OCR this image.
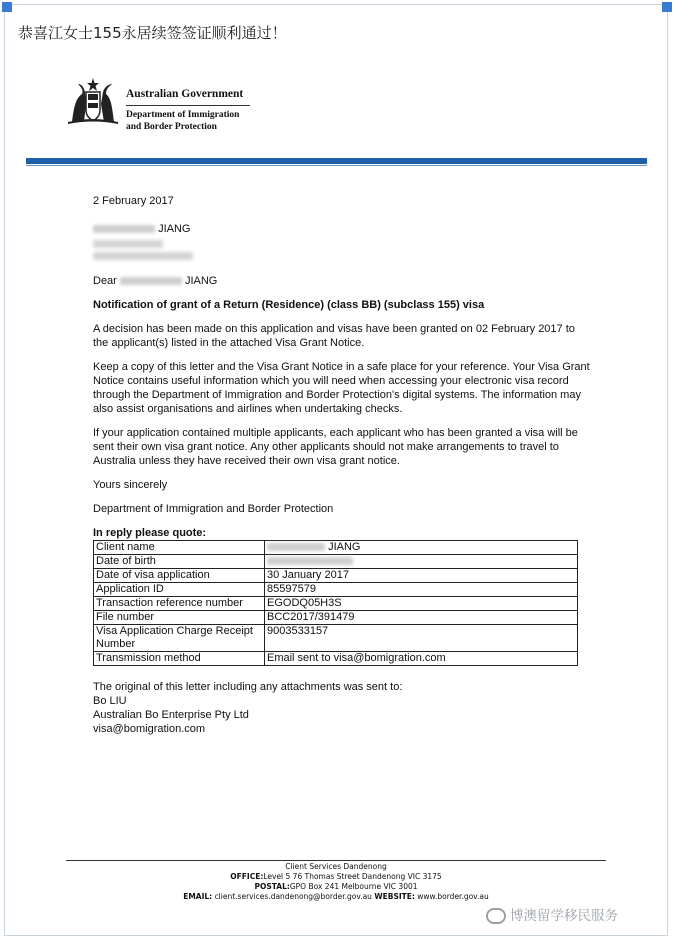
恭喜江女士155永居续签签证顺利通过！
Australian Government
Department of Immigration
and Border Protection

2 February 2017

JIANG

Dear	JIANG

Notification of grant of a Return (Residence) (class BB) (subclass 155) visa

A decision has been made on this application and visas have been granted on 02 February 2017 to the applicant(s) listed in the attached Visa Grant Notice.

Keep a copy of this letter and the Visa Grant Notice in a safe place for your reference. Your Visa Grant Notice contains useful information which you will need when accessing your electronic visa record through the Department of Immigration and Border Protection's digital systems. The information may also assist organisations and airlines when undertaking checks.

If your application contained multiple applicants, each applicant who has been granted a visa will be sent their own visa grant notice. Any other applicants should not make arrangements to travel to Australia unless they have received their own visa grant notice.

Yours sincerely

Department of Immigration and Border Protection

In reply please quote:

Client name	JIANG
Date of birth	
Date of visa application	30 January 2017
Application ID	85597579
Transaction reference number	EGODQ05H3S
File number	BCC2017/391479
Visa Application Charge Receipt Number	9003533157
Transmission method	Email sent to visa@bomigration.com

The original of this letter including any attachments was sent to:

Bo LIU

Australian Bo Enterprise Pty Ltd

visa@bomigration.com

Client Services Dandenong
OFFICE:Level 5 76 Thomas Street Dandenong VIC 3175
POSTAL:GPO Box 241 Melbourne VIC 3001
EMAIL: client.services.dandenong@border.gov.au WEBSITE: www.border.gov.au
博澳留学移民服务
